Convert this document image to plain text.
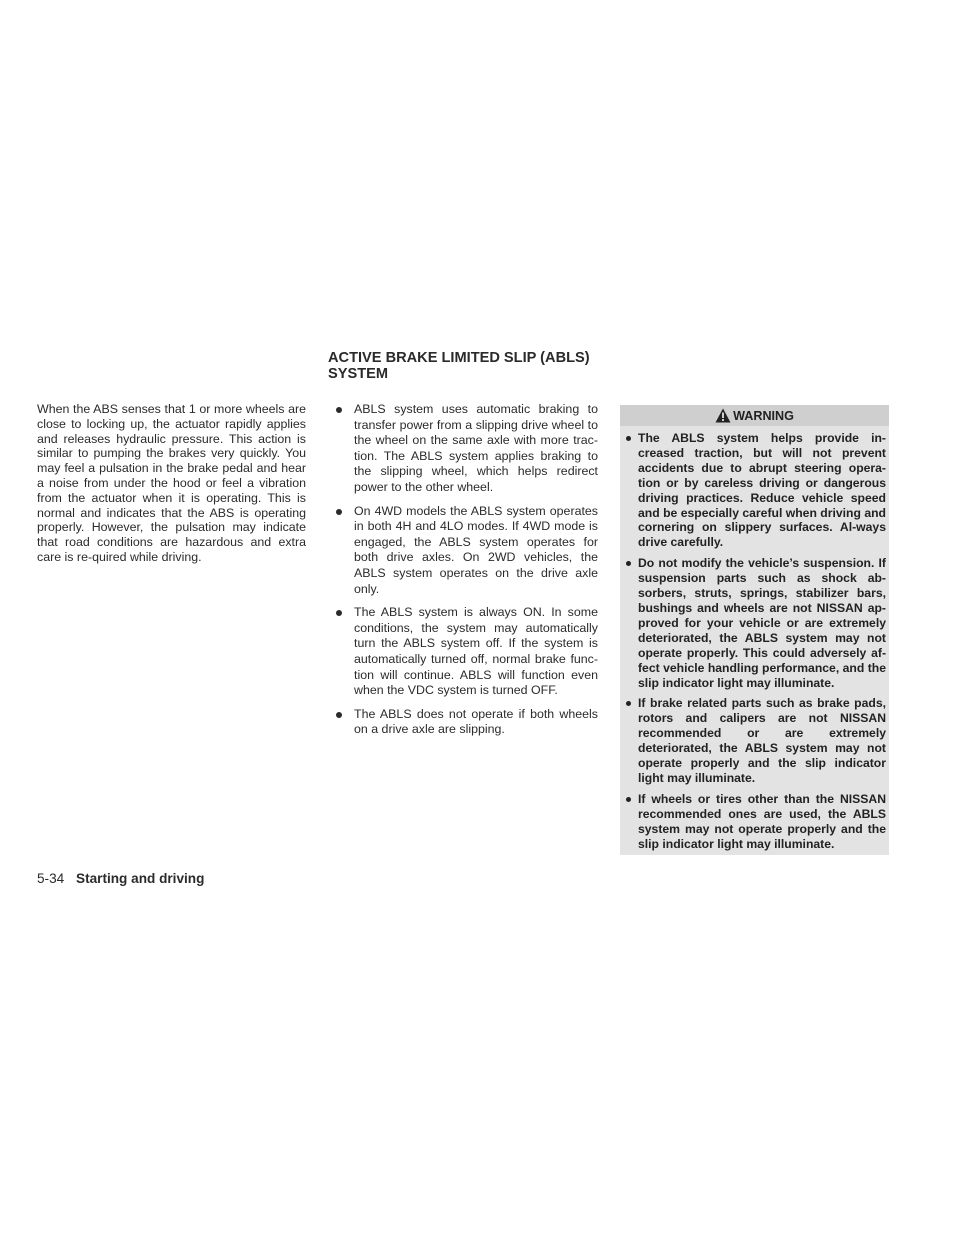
When the ABS senses that 1 or more wheels are close to locking up, the actuator rapidly applies and releases hydraulic pressure. This action is similar to pumping the brakes very quickly. You may feel a pulsation in the brake pedal and hear a noise from under the hood or feel a vibration from the actuator when it is operating. This is normal and indicates that the ABS is operating properly. However, the pulsation may indicate that road conditions are hazardous and extra care is re-quired while driving.
ACTIVE BRAKE LIMITED SLIP (ABLS)
SYSTEM
ABLS system uses automatic braking to transfer power from a slipping drive wheel to the wheel on the same axle with more trac-tion. The ABLS system applies braking to the slipping wheel, which helps redirect power to the other wheel.
On 4WD models the ABLS system operates in both 4H and 4LO modes. If 4WD mode is engaged, the ABLS system operates for both drive axles. On 2WD vehicles, the ABLS system operates on the drive axle only.
The ABLS system is always ON. In some conditions, the system may automatically turn the ABLS system off. If the system is automatically turned off, normal brake func-tion will continue. ABLS will function even when the VDC system is turned OFF.
The ABLS does not operate if both wheels on a drive axle are slipping.
WARNING
The ABLS system helps provide in-creased traction, but will not prevent accidents due to abrupt steering opera-tion or by careless driving or dangerous driving practices. Reduce vehicle speed and be especially careful when driving and cornering on slippery surfaces. Al-ways drive carefully.
Do not modify the vehicle’s suspension. If suspension parts such as shock ab-sorbers, struts, springs, stabilizer bars, bushings and wheels are not NISSAN ap-proved for your vehicle or are extremely deteriorated, the ABLS system may not operate properly. This could adversely af-fect vehicle handling performance, and the slip indicator light may illuminate.
If brake related parts such as brake pads, rotors and calipers are not NISSAN recommended or are extremely deteriorated, the ABLS system may not operate properly and the slip indicator light may illuminate.
If wheels or tires other than the NISSAN recommended ones are used, the ABLS system may not operate properly and the slip indicator light may illuminate.
5-34 Starting and driving
